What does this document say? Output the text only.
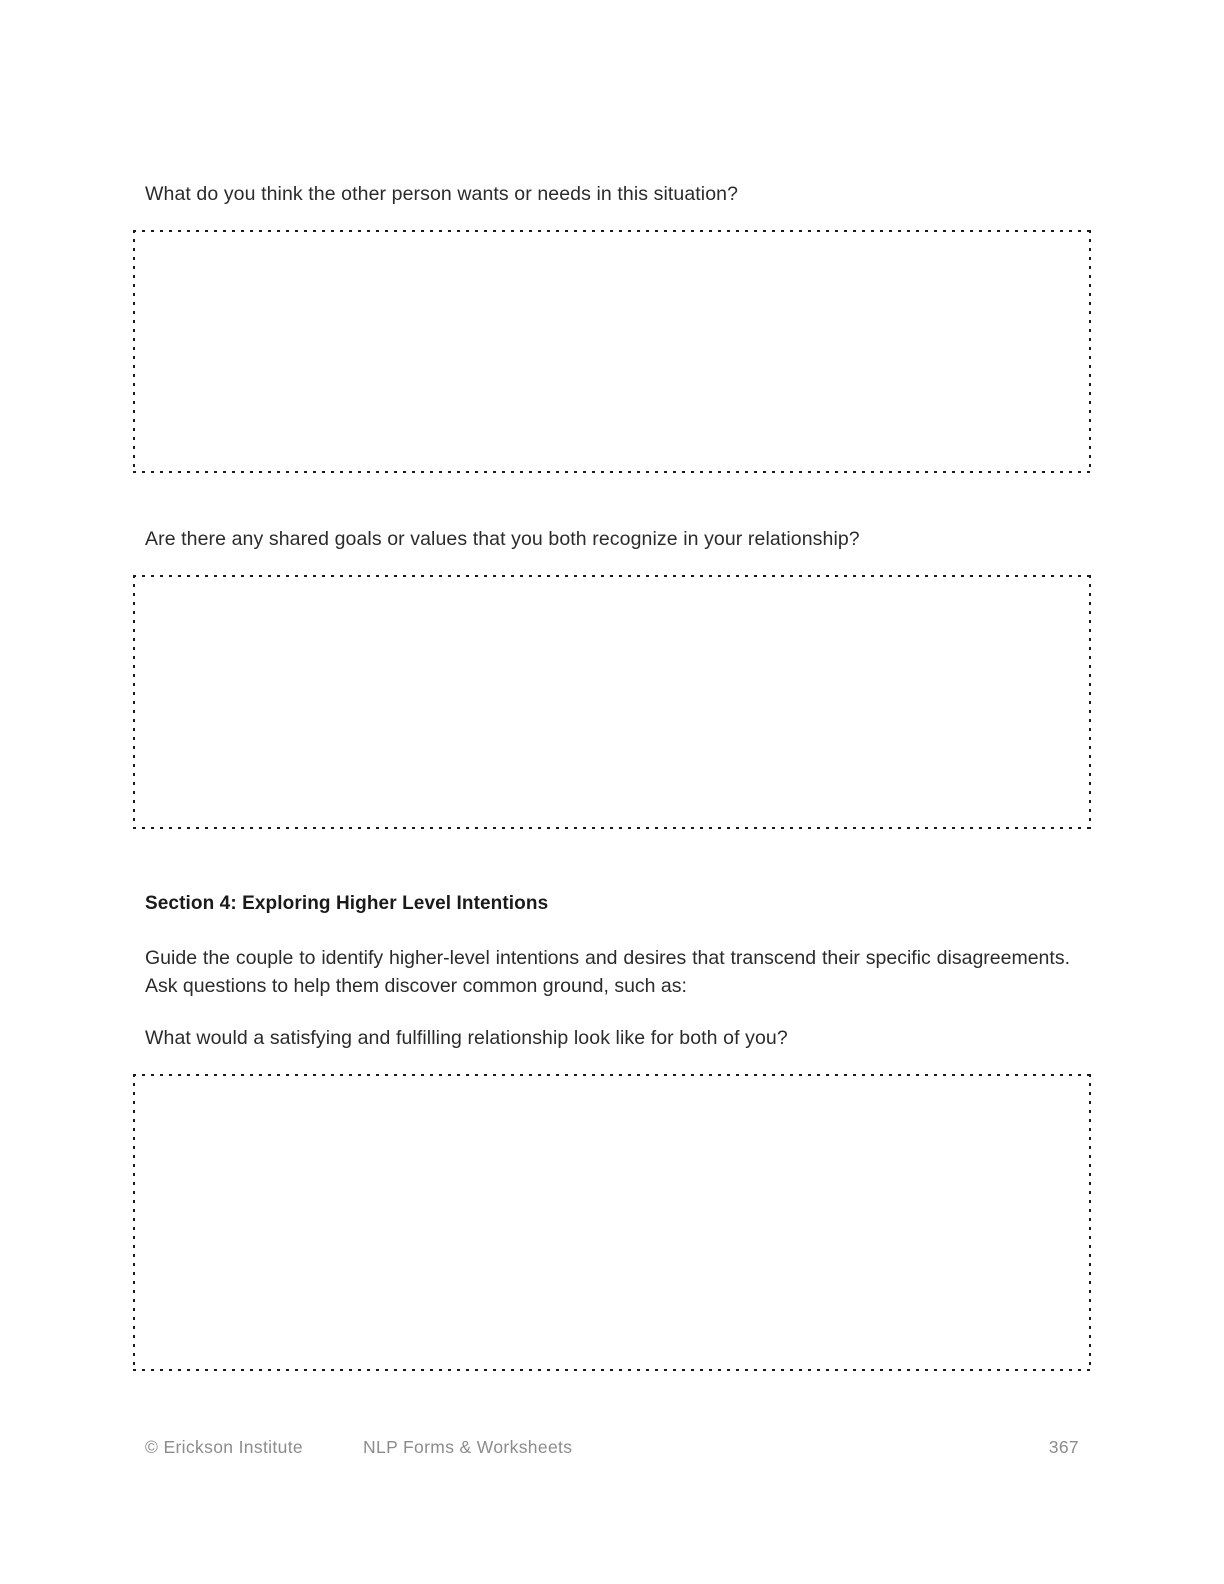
What do you think the other person wants or needs in this situation?

Are there any shared goals or values that you both recognize in your relationship?

Section 4: Exploring Higher Level Intentions

Guide the couple to identify higher-level intentions and desires that transcend their specific disagreements. Ask questions to help them discover common ground, such as:

What would a satisfying and fulfilling relationship look like for both of you?

© Erickson Institute	NLP Forms & Worksheets	367
